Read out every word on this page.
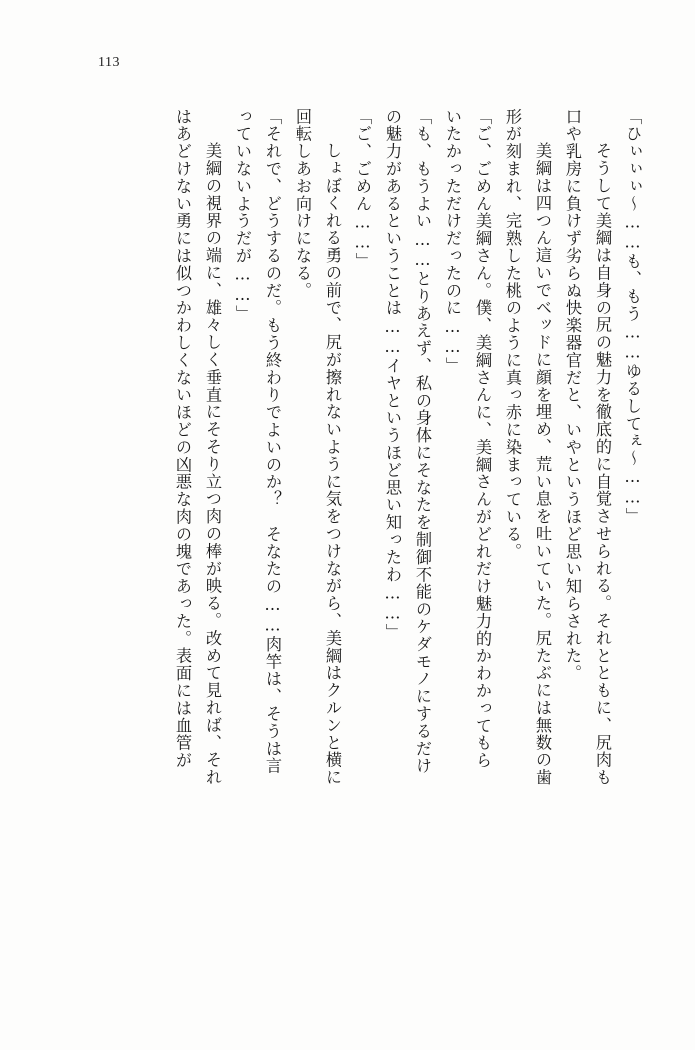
113
「ひぃぃぃ～……も、もう……ゆるしてぇ～……」
　そうして美綱は自身の尻の魅力を徹底的に自覚させられる。それとともに、尻肉も
口や乳房に負けず劣らぬ快楽器官だと、いやというほど思い知らされた。
　美綱は四つん這いでベッドに顔を埋め、荒い息を吐いていた。尻たぶには無数の歯
形が刻まれ、完熟した桃のように真っ赤に染まっている。
「ご、ごめん美綱さん。僕、美綱さんに、美綱さんがどれだけ魅力的かわかってもら
いたかっただけだったのに……」
「も、もうよい……とりあえず、私の身体にそなたを制御不能のケダモノにするだけ
の魅力があるということは……イヤというほど思い知ったわ……」
「ご、ごめん……」
　しょぼくれる勇の前で、尻が擦れないように気をつけながら、美綱はクルンと横に
回転しあお向けになる。
「それで、どうするのだ。もう終わりでよいのか？　そなたの……肉竿は、そうは言
っていないようだが……」
　美綱の視界の端に、雄々しく垂直にそそり立つ肉の棒が映る。改めて見れば、それ
はあどけない勇には似つかわしくないほどの凶悪な肉の塊であった。表面には血管が
